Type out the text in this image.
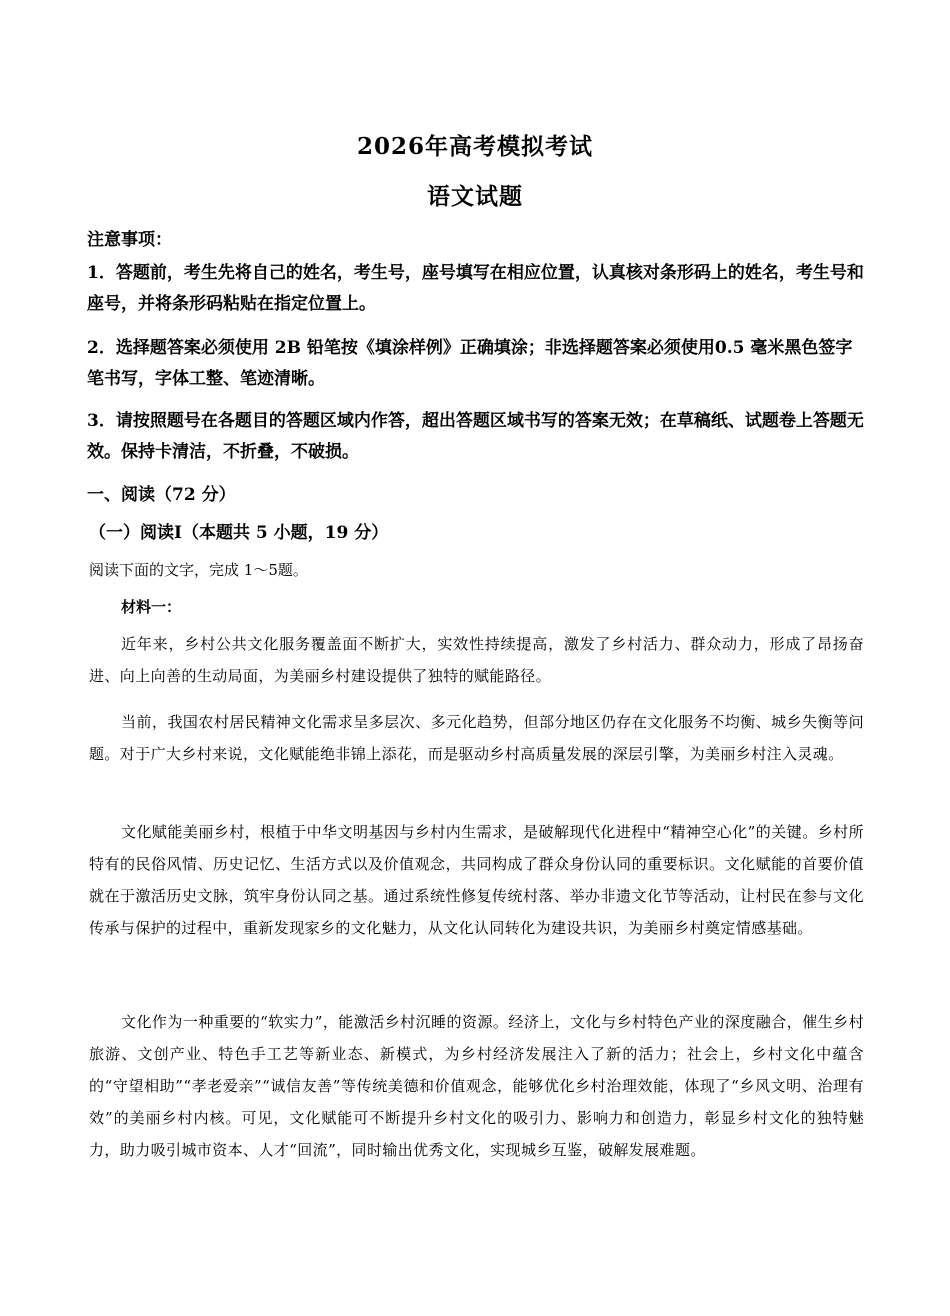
2026年高考模拟考试
语文试题
注意事项：
1．答题前，考生先将自己的姓名，考生号，座号填写在相应位置，认真核对条形码上的姓名，考生号和座号，并将条形码粘贴在指定位置上。
2．选择题答案必须使用 2B 铅笔按《填涂样例》正确填涂；非选择题答案必须使用0.5 毫米黑色签字笔书写，字体工整、笔迹清晰。
3．请按照题号在各题目的答题区域内作答，超出答题区域书写的答案无效；在草稿纸、试题卷上答题无效。保持卡清洁，不折叠，不破损。
一、阅读（72 分）
（一）阅读Ⅰ（本题共 5 小题，19 分）
阅读下面的文字，完成 1～5题。
材料一：
近年来，乡村公共文化服务覆盖面不断扩大，实效性持续提高，激发了乡村活力、群众动力，形成了昂扬奋进、向上向善的生动局面，为美丽乡村建设提供了独特的赋能路径。
当前，我国农村居民精神文化需求呈多层次、多元化趋势，但部分地区仍存在文化服务不均衡、城乡失衡等问题。对于广大乡村来说，文化赋能绝非锦上添花，而是驱动乡村高质量发展的深层引擎，为美丽乡村注入灵魂。
文化赋能美丽乡村，根植于中华文明基因与乡村内生需求，是破解现代化进程中“精神空心化”的关键。乡村所特有的民俗风情、历史记忆、生活方式以及价值观念，共同构成了群众身份认同的重要标识。文化赋能的首要价值就在于激活历史文脉，筑牢身份认同之基。通过系统性修复传统村落、举办非遗文化节等活动，让村民在参与文化传承与保护的过程中，重新发现家乡的文化魅力，从文化认同转化为建设共识，为美丽乡村奠定情感基础。
文化作为一种重要的“软实力”，能激活乡村沉睡的资源。经济上，文化与乡村特色产业的深度融合，催生乡村旅游、文创产业、特色手工艺等新业态、新模式，为乡村经济发展注入了新的活力；社会上，乡村文化中蕴含的“守望相助”“孝老爱亲”“诚信友善”等传统美德和价值观念，能够优化乡村治理效能，体现了“乡风文明、治理有效”的美丽乡村内核。可见，文化赋能可不断提升乡村文化的吸引力、影响力和创造力，彰显乡村文化的独特魅力，助力吸引城市资本、人才“回流”，同时输出优秀文化，实现城乡互鉴，破解发展难题。
